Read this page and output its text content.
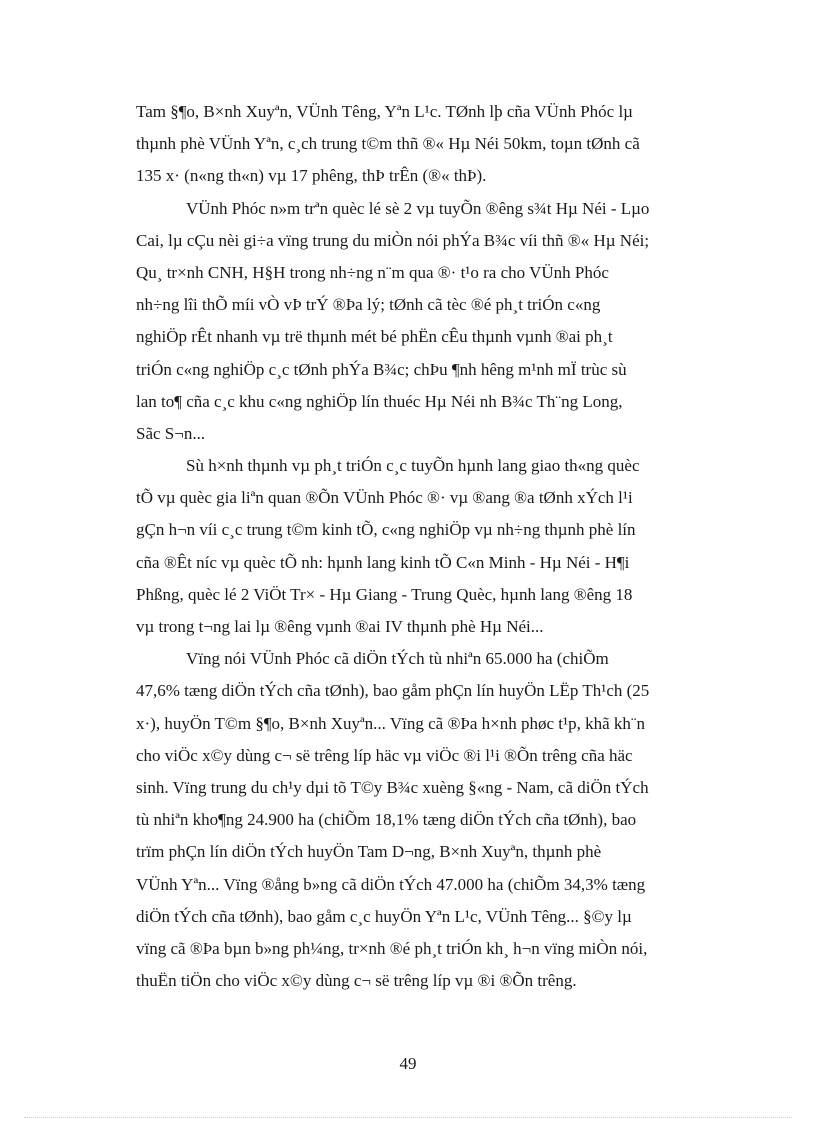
Tam §¶o, B×nh Xuyªn, VÜnh Têng, Yªn L¹c. TØnh lþ cña VÜnh Phóc lµ
thµnh phè VÜnh Yªn, c¸ch trung t©m thñ ®« Hµ Néi 50km, toµn tØnh cã
135 x· (n«ng th«n) vµ 17 phêng, thÞ trÊn (®« thÞ).
VÜnh Phóc n»m trªn quèc lé sè 2 vµ tuyÕn ®êng s¾t Hµ Néi - Lµo
Cai, lµ cÇu nèi gi÷a vïng trung du miÒn nói phÝa B¾c víi thñ ®« Hµ Néi;
Qu¸ tr×nh CNH, H§H trong nh÷ng n¨m qua ®· t¹o ra cho VÜnh Phóc
nh÷ng lîi thÕ míi vÒ vÞ trÝ ®Þa lý; tØnh cã tèc ®é ph¸t triÓn c«ng
nghiÖp rÊt nhanh vµ trë thµnh mét bé phËn cÊu thµnh vµnh ®ai ph¸t
triÓn c«ng nghiÖp c¸c tØnh phÝa B¾c; chÞu ¶nh hêng m¹nh mÏ trùc sù
lan to¶ cña c¸c khu c«ng nghiÖp lín thuéc Hµ Néi nh B¾c Th¨ng Long,
Sãc S¬n...
Sù h×nh thµnh vµ ph¸t triÓn c¸c tuyÕn hµnh lang giao th«ng quèc
tÕ vµ quèc gia liªn quan ®Õn VÜnh Phóc ®· vµ ®ang ®a tØnh xÝch l¹i
gÇn h¬n víi c¸c trung t©m kinh tÕ, c«ng nghiÖp vµ nh÷ng thµnh phè lín
cña ®Êt níc vµ quèc tÕ nh: hµnh lang kinh tÕ C«n Minh - Hµ Néi - H¶i
Phßng, quèc lé 2 ViÖt Tr× - Hµ Giang - Trung Quèc, hµnh lang ®êng 18
vµ trong t¬ng lai lµ ®êng vµnh ®ai IV thµnh phè Hµ Néi...
Vïng nói VÜnh Phóc cã diÖn tÝch tù nhiªn 65.000 ha (chiÕm
47,6% tæng diÖn tÝch cña tØnh), bao gåm phÇn lín huyÖn LËp Th¹ch (25
x·), huyÖn T©m §¶o, B×nh Xuyªn... Vïng cã ®Þa h×nh phøc t¹p, khã kh¨n
cho viÖc x©y dùng c¬ së trêng líp häc vµ viÖc ®i l¹i ®Õn trêng cña häc
sinh. Vïng trung du ch¹y dµi tõ T©y B¾c xuèng §«ng - Nam, cã diÖn tÝch
tù nhiªn kho¶ng 24.900 ha (chiÕm 18,1% tæng diÖn tÝch cña tØnh), bao
trïm phÇn lín diÖn tÝch huyÖn Tam D¬ng, B×nh Xuyªn, thµnh phè
VÜnh Yªn... Vïng ®ång b»ng cã diÖn tÝch 47.000 ha (chiÕm 34,3% tæng
diÖn tÝch cña tØnh), bao gåm c¸c huyÖn Yªn L¹c, VÜnh Têng... §©y lµ
vïng cã ®Þa bµn b»ng ph¼ng, tr×nh ®é ph¸t triÓn kh¸ h¬n vïng miÒn nói,
thuËn tiÖn cho viÖc x©y dùng c¬ së trêng líp vµ ®i ®Õn trêng.
49
